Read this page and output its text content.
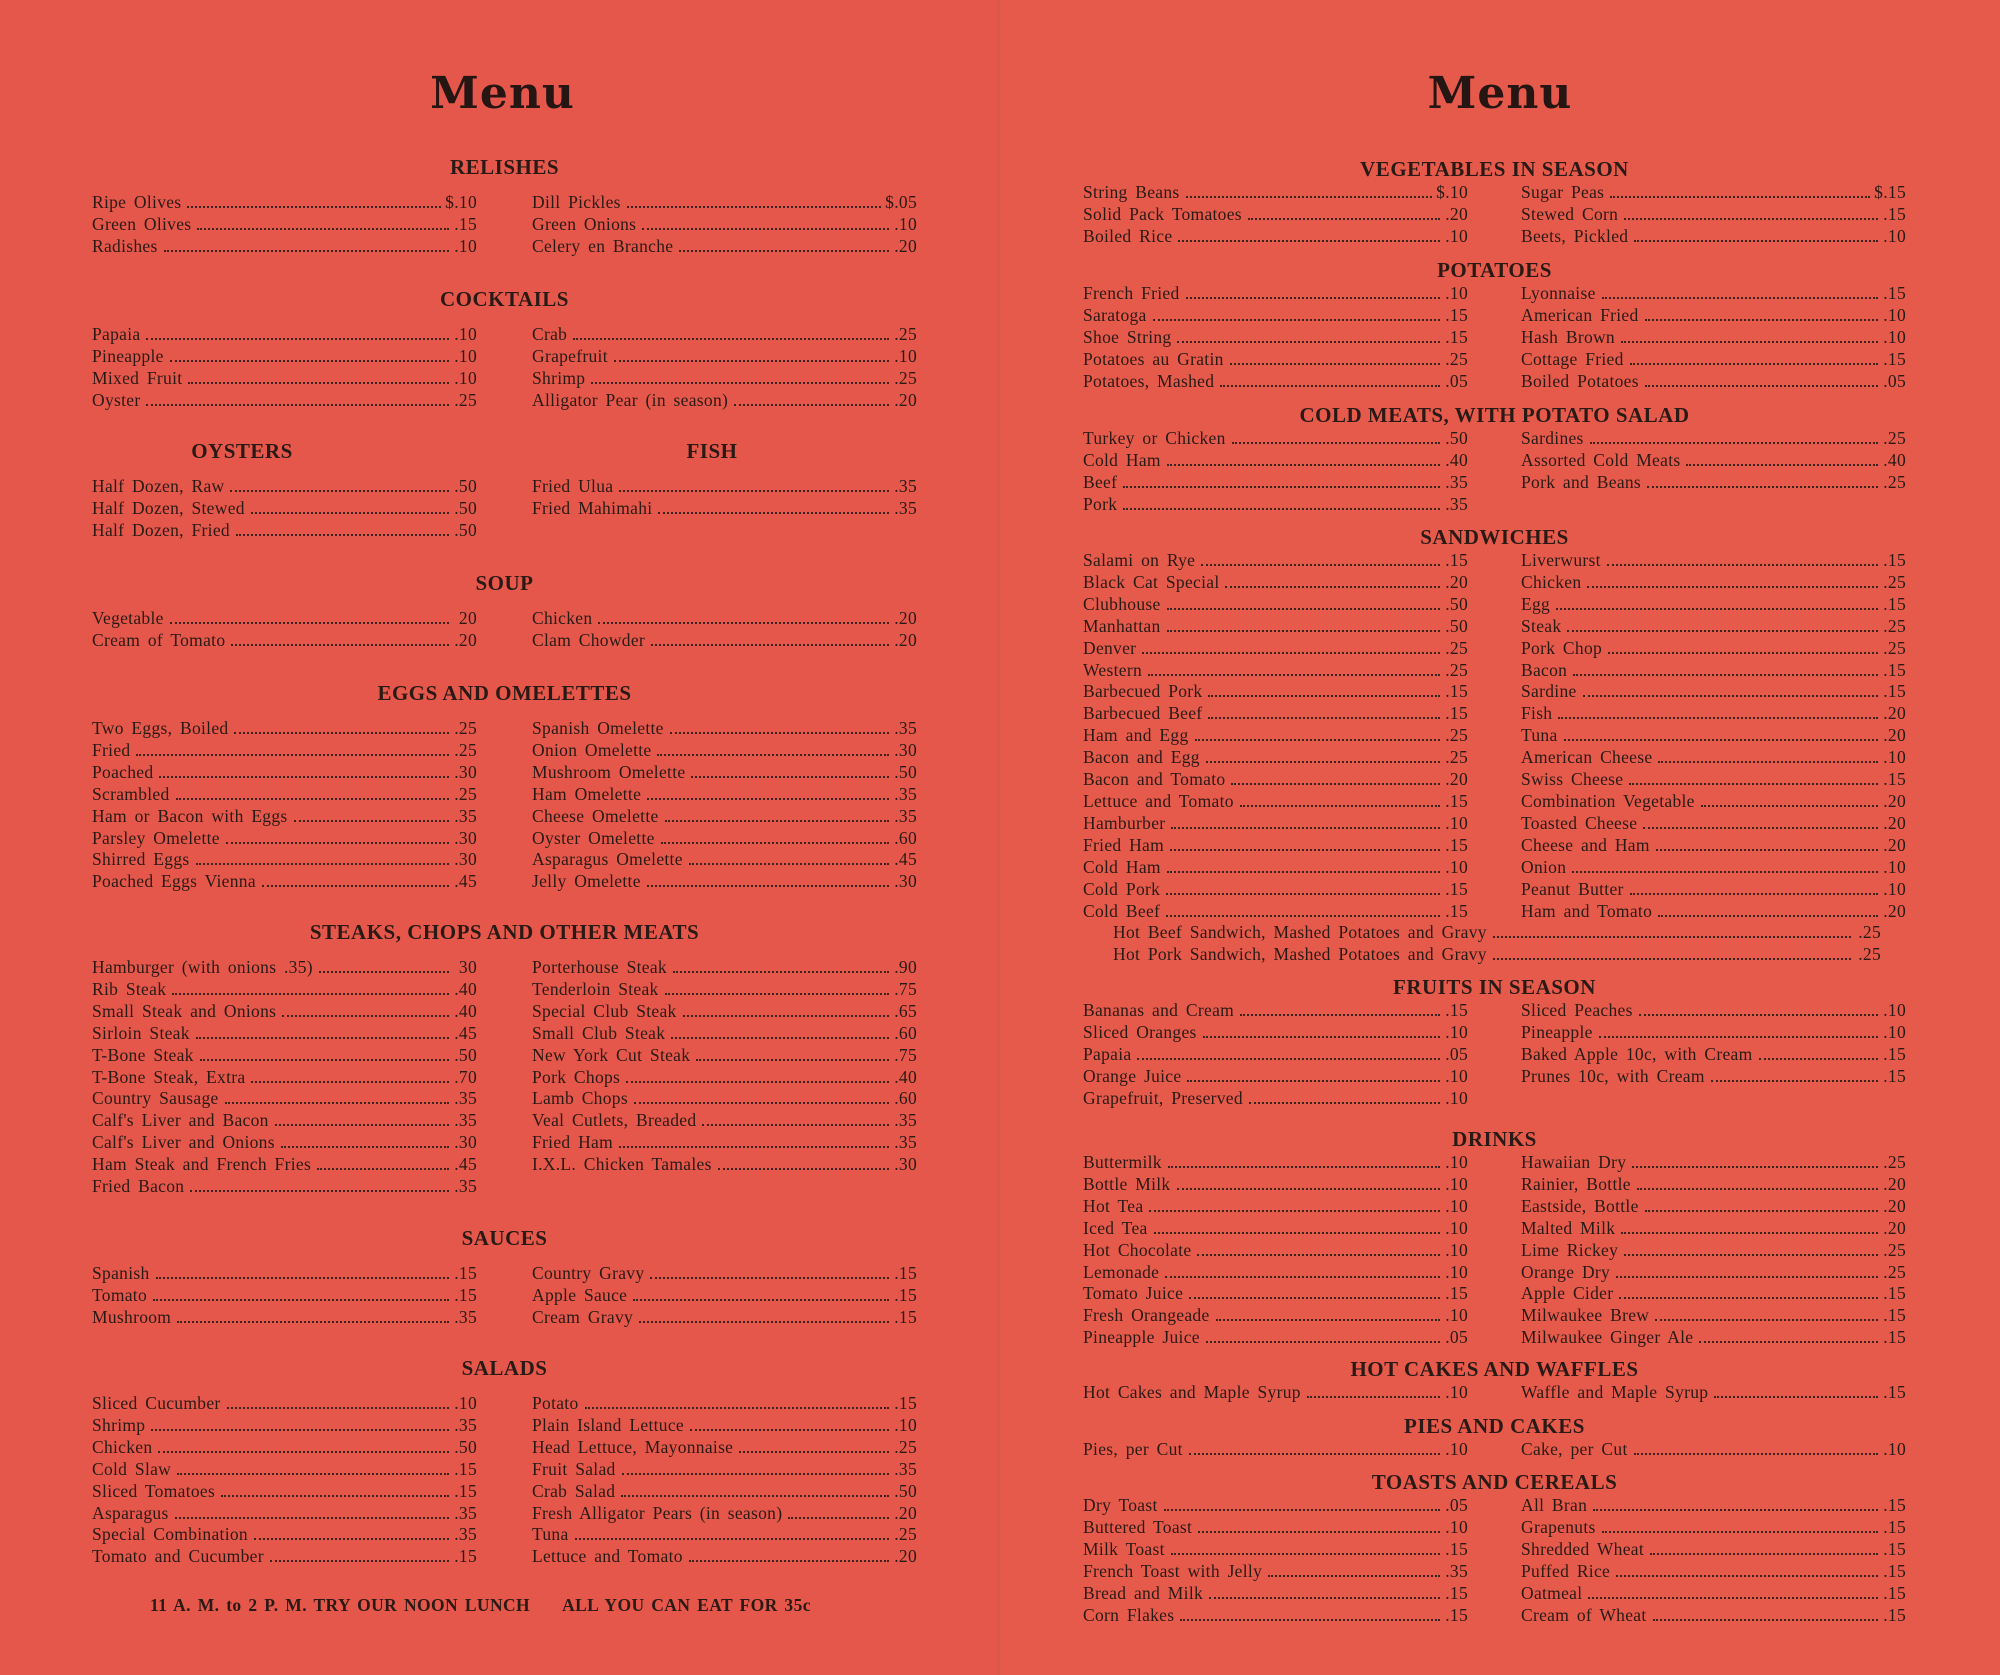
Menu
RELISHES
Ripe Olives	$.10
Green Olives	.15
Radishes	.10
Dill Pickles	$.05
Green Onions	.10
Celery en Branche	.20
COCKTAILS
Papaia	.10
Pineapple	.10
Mixed Fruit	.10
Oyster	.25
Crab	.25
Grapefruit	.10
Shrimp	.25
Alligator Pear (in season)	.20
OYSTERS
Half Dozen, Raw	.50
Half Dozen, Stewed	.50
Half Dozen, Fried	.50
FISH
Fried Ulua	.35
Fried Mahimahi	.35
SOUP
Vegetable	20
Cream of Tomato	.20
Chicken	.20
Clam Chowder	.20
EGGS AND OMELETTES
Two Eggs, Boiled	.25
Fried	.25
Poached	.30
Scrambled	.25
Ham or Bacon with Eggs	.35
Parsley Omelette	.30
Shirred Eggs	.30
Poached Eggs Vienna	.45
Spanish Omelette	.35
Onion Omelette	.30
Mushroom Omelette	.50
Ham Omelette	.35
Cheese Omelette	.35
Oyster Omelette	.60
Asparagus Omelette	.45
Jelly Omelette	.30
STEAKS, CHOPS AND OTHER MEATS
Hamburger (with onions .35)	30
Rib Steak	.40
Small Steak and Onions	.40
Sirloin Steak	.45
T-Bone Steak	.50
T-Bone Steak, Extra	.70
Country Sausage	.35
Calf's Liver and Bacon	.35
Calf's Liver and Onions	.30
Ham Steak and French Fries	.45
Fried Bacon	.35
Porterhouse Steak	.90
Tenderloin Steak	.75
Special Club Steak	.65
Small Club Steak	.60
New York Cut Steak	.75
Pork Chops	.40
Lamb Chops	.60
Veal Cutlets, Breaded	.35
Fried Ham	.35
I.X.L. Chicken Tamales	.30
SAUCES
Spanish	.15
Tomato	.15
Mushroom	.35
Country Gravy	.15
Apple Sauce	.15
Cream Gravy	.15
SALADS
Sliced Cucumber	.10
Shrimp	.35
Chicken	.50
Cold Slaw	.15
Sliced Tomatoes	.15
Asparagus	.35
Special Combination	.35
Tomato and Cucumber	.15
Potato	.15
Plain Island Lettuce	.10
Head Lettuce, Mayonnaise	.25
Fruit Salad	.35
Crab Salad	.50
Fresh Alligator Pears (in season)	.20
Tuna	.25
Lettuce and Tomato	.20
11 A. M. to 2 P. M. TRY OUR NOON LUNCH ALL YOU CAN EAT FOR 35c
Menu
VEGETABLES IN SEASON
String Beans	$.10
Solid Pack Tomatoes	.20
Boiled Rice	.10
Sugar Peas	$.15
Stewed Corn	.15
Beets, Pickled	.10
POTATOES
French Fried	.10
Saratoga	.15
Shoe String	.15
Potatoes au Gratin	.25
Potatoes, Mashed	.05
Lyonnaise	.15
American Fried	.10
Hash Brown	.10
Cottage Fried	.15
Boiled Potatoes	.05
COLD MEATS, WITH POTATO SALAD
Turkey or Chicken	.50
Cold Ham	.40
Beef	.35
Pork	.35
Sardines	.25
Assorted Cold Meats	.40
Pork and Beans	.25
SANDWICHES
Salami on Rye	.15
Black Cat Special	.20
Clubhouse	.50
Manhattan	.50
Denver	.25
Western	.25
Barbecued Pork	.15
Barbecued Beef	.15
Ham and Egg	.25
Bacon and Egg	.25
Bacon and Tomato	.20
Lettuce and Tomato	.15
Hamburber	.10
Fried Ham	.15
Cold Ham	.10
Cold Pork	.15
Cold Beef	.15
Liverwurst	.15
Chicken	.25
Egg	.15
Steak	.25
Pork Chop	.25
Bacon	.15
Sardine	.15
Fish	.20
Tuna	.20
American Cheese	.10
Swiss Cheese	.15
Combination Vegetable	.20
Toasted Cheese	.20
Cheese and Ham	.20
Onion	.10
Peanut Butter	.10
Ham and Tomato	.20
Hot Beef Sandwich, Mashed Potatoes and Gravy	.25
Hot Pork Sandwich, Mashed Potatoes and Gravy	.25
FRUITS IN SEASON
Bananas and Cream	.15
Sliced Oranges	.10
Papaia	.05
Orange Juice	.10
Grapefruit, Preserved	.10
Sliced Peaches	.10
Pineapple	.10
Baked Apple 10c, with Cream	.15
Prunes 10c, with Cream	.15
DRINKS
Buttermilk	.10
Bottle Milk	.10
Hot Tea	.10
Iced Tea	.10
Hot Chocolate	.10
Lemonade	.10
Tomato Juice	.15
Fresh Orangeade	.10
Pineapple Juice	.05
Hawaiian Dry	.25
Rainier, Bottle	.20
Eastside, Bottle	.20
Malted Milk	.20
Lime Rickey	.25
Orange Dry	.25
Apple Cider	.15
Milwaukee Brew	.15
Milwaukee Ginger Ale	.15
HOT CAKES AND WAFFLES
Hot Cakes and Maple Syrup	.10	Waffle and Maple Syrup	.15
PIES AND CAKES
Pies, per Cut	.10	Cake, per Cut	.10
TOASTS AND CEREALS
Dry Toast	.05
Buttered Toast	.10
Milk Toast	.15
French Toast with Jelly	.35
Bread and Milk	.15
Corn Flakes	.15
All Bran	.15
Grapenuts	.15
Shredded Wheat	.15
Puffed Rice	.15
Oatmeal	.15
Cream of Wheat	.15
